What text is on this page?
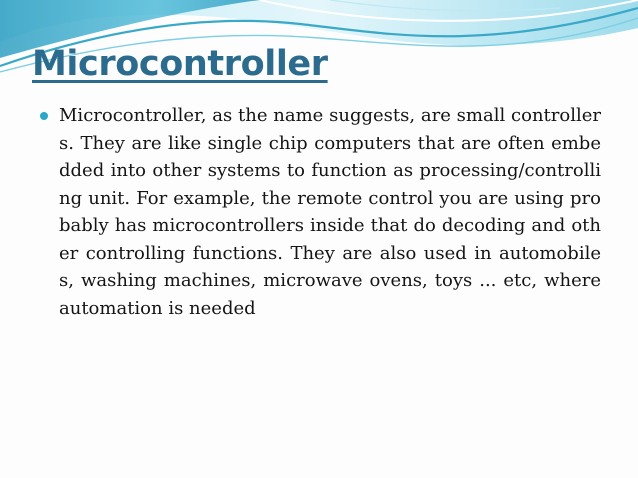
Microcontroller
Microcontroller, as the name suggests, are small controllers. They are like single chip computers that are often embedded into other systems to function as processing/controlling unit. For example, the remote control you are using probably has microcontrollers inside that do decoding and other controlling functions. They are also used in automobiles, washing machines, microwave ovens, toys ... etc, where automation is needed
